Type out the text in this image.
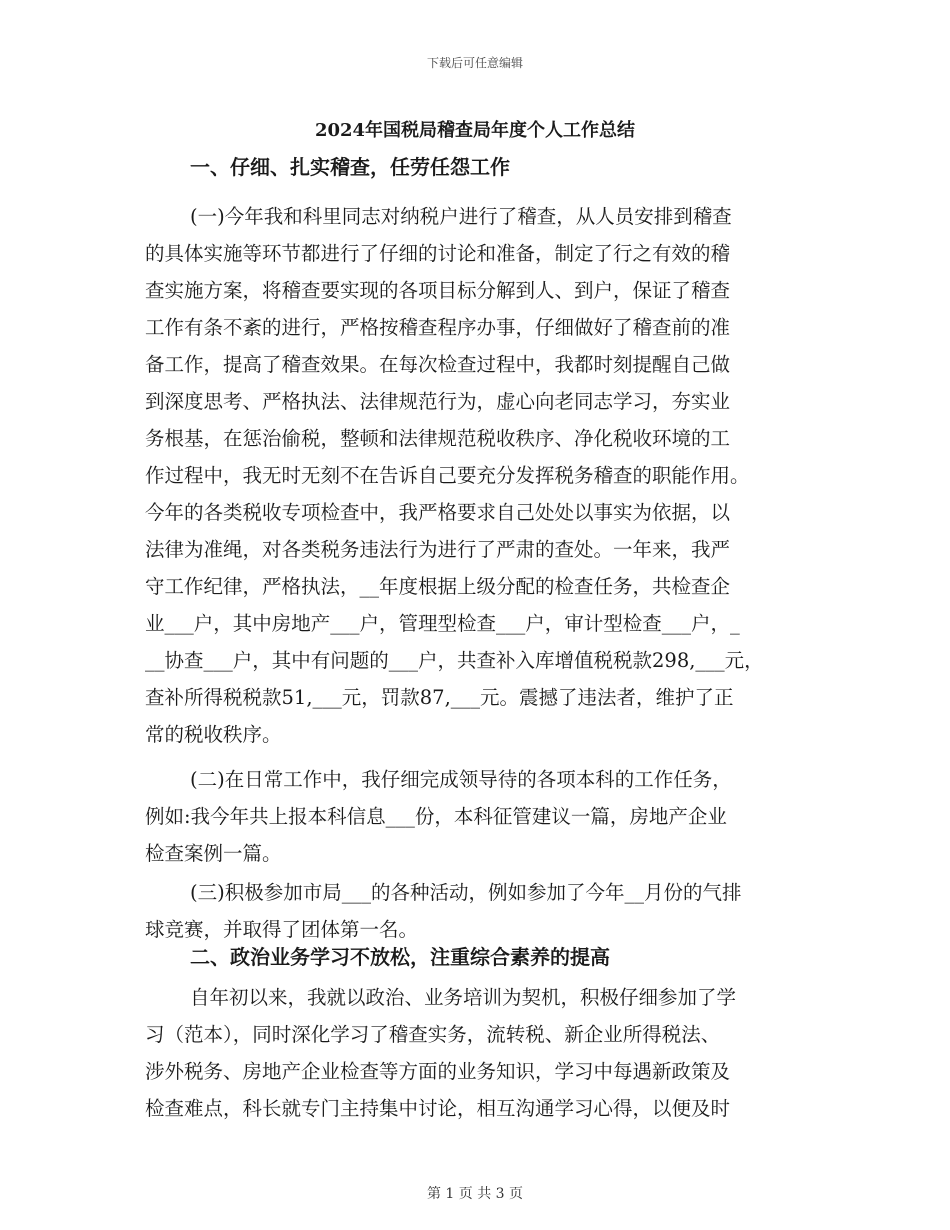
下载后可任意编辑
2024年国税局稽查局年度个人工作总结
一、仔细、扎实稽查，任劳任怨工作
(一)今年我和科里同志对纳税户进行了稽查，从人员安排到稽查
的具体实施等环节都进行了仔细的讨论和准备，制定了行之有效的稽
查实施方案，将稽查要实现的各项目标分解到人、到户，保证了稽查
工作有条不紊的进行，严格按稽查程序办事，仔细做好了稽查前的准
备工作，提高了稽查效果。在每次检查过程中，我都时刻提醒自己做
到深度思考、严格执法、法律规范行为，虚心向老同志学习，夯实业
务根基，在惩治偷税，整顿和法律规范税收秩序、净化税收环境的工
作过程中，我无时无刻不在告诉自己要充分发挥税务稽查的职能作用。
今年的各类税收专项检查中，我严格要求自己处处以事实为依据，以
法律为准绳，对各类税务违法行为进行了严肃的查处。一年来，我严
守工作纪律，严格执法，__年度根据上级分配的检查任务，共检查企
业___户，其中房地产___户，管理型检查___户，审计型检查___户，_
__协查___户，其中有问题的___户，共查补入库增值税税款298,___元，
查补所得税税款51,___元，罚款87,___元。震撼了违法者，维护了正
常的税收秩序。
(二)在日常工作中，我仔细完成领导待的各项本科的工作任务，
例如:我今年共上报本科信息___份，本科征管建议一篇，房地产企业
检查案例一篇。
(三)积极参加市局___的各种活动，例如参加了今年__月份的气排
球竞赛，并取得了团体第一名。
二、政治业务学习不放松，注重综合素养的提高
自年初以来，我就以政治、业务培训为契机，积极仔细参加了学
习（范本），同时深化学习了稽查实务，流转税、新企业所得税法、
涉外税务、房地产企业检查等方面的业务知识，学习中每遇新政策及
检查难点，科长就专门主持集中讨论，相互沟通学习心得，以便及时
第 1 页 共 3 页
